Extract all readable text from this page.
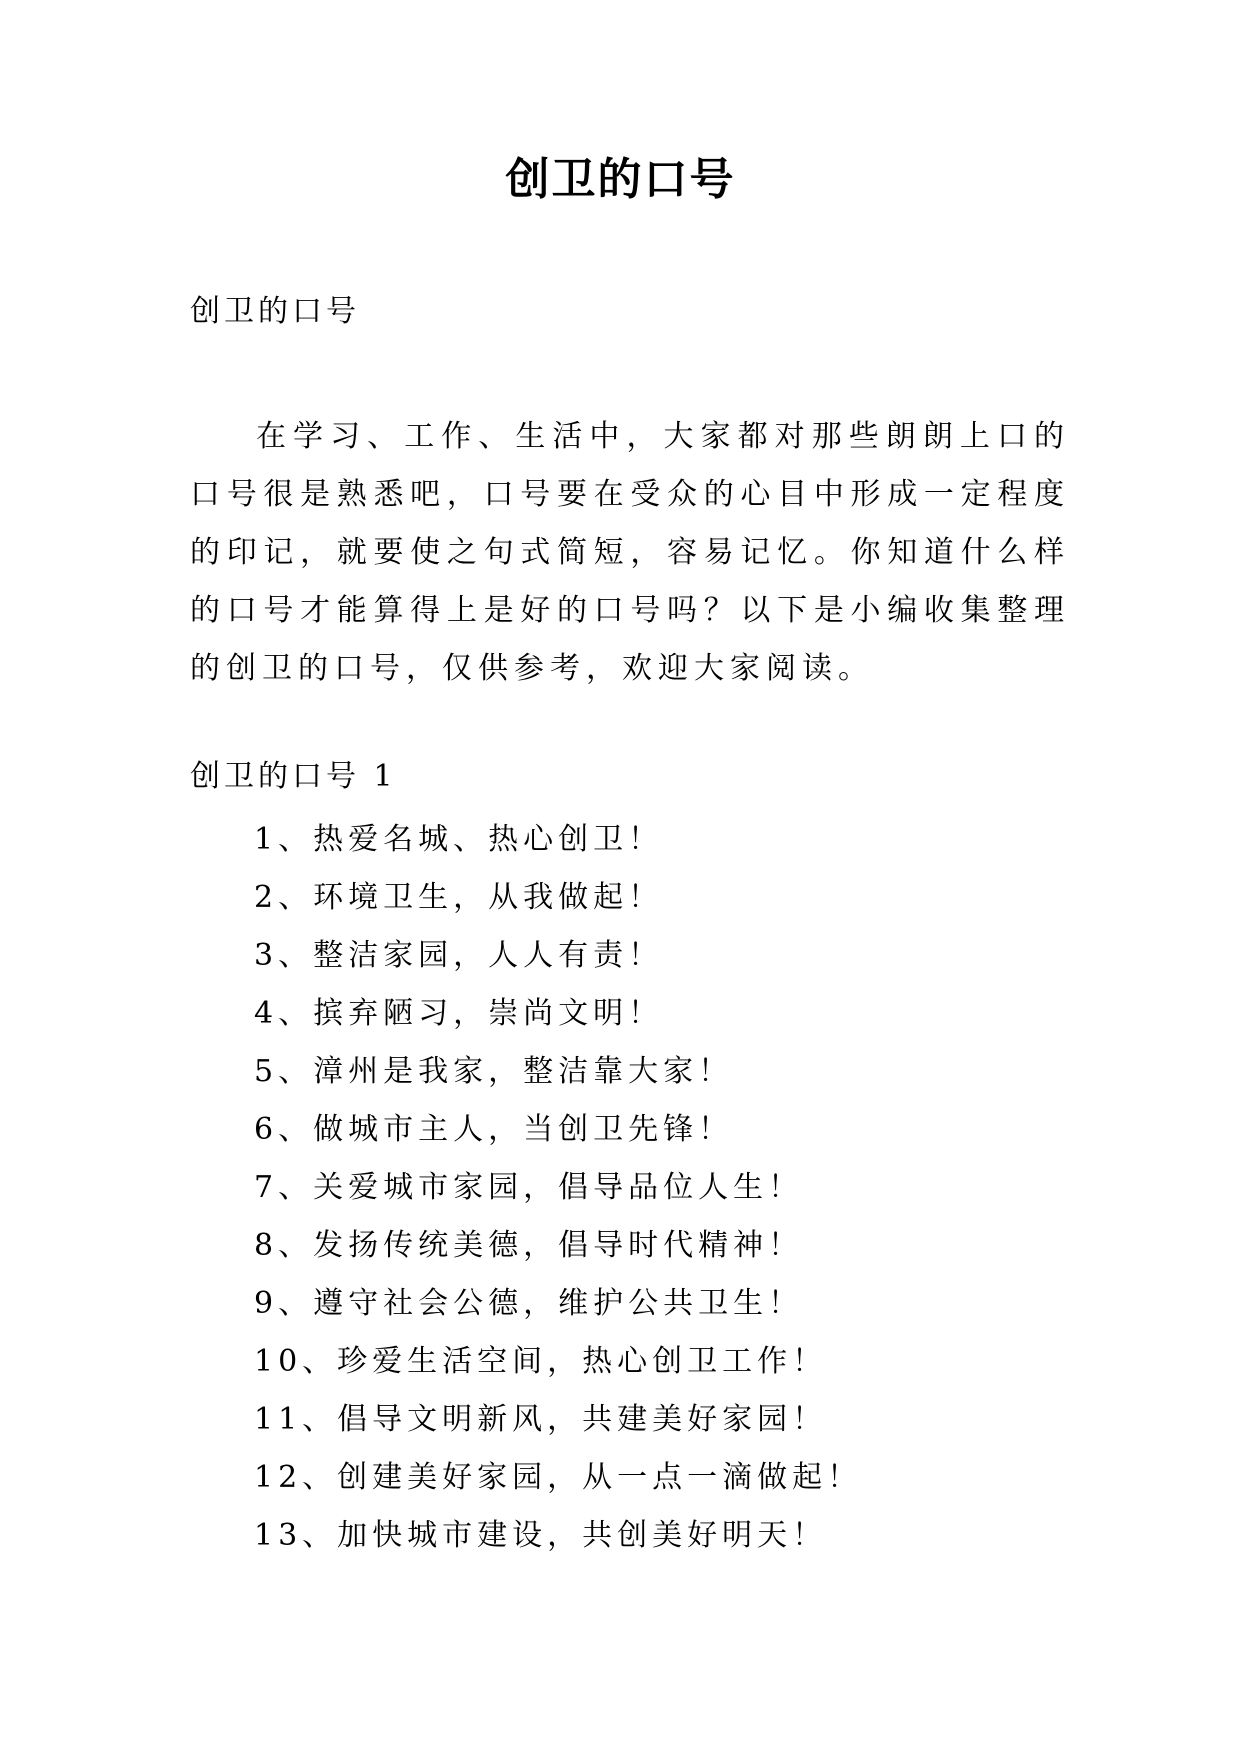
创卫的口号
创卫的口号

在学习、工作、生活中，大家都对那些朗朗上口的口号很是熟悉吧，口号要在受众的心目中形成一定程度的印记，就要使之句式简短，容易记忆。你知道什么样的口号才能算得上是好的口号吗？以下是小编收集整理的创卫的口号，仅供参考，欢迎大家阅读。

创卫的口号 1
1、热爱名城、热心创卫！
2、环境卫生，从我做起！
3、整洁家园，人人有责！
4、摈弃陋习，崇尚文明！
5、漳州是我家，整洁靠大家！
6、做城市主人，当创卫先锋！
7、关爱城市家园，倡导品位人生！
8、发扬传统美德，倡导时代精神！
9、遵守社会公德，维护公共卫生！
10、珍爱生活空间，热心创卫工作！
11、倡导文明新风，共建美好家园！
12、创建美好家园，从一点一滴做起！
13、加快城市建设，共创美好明天！
